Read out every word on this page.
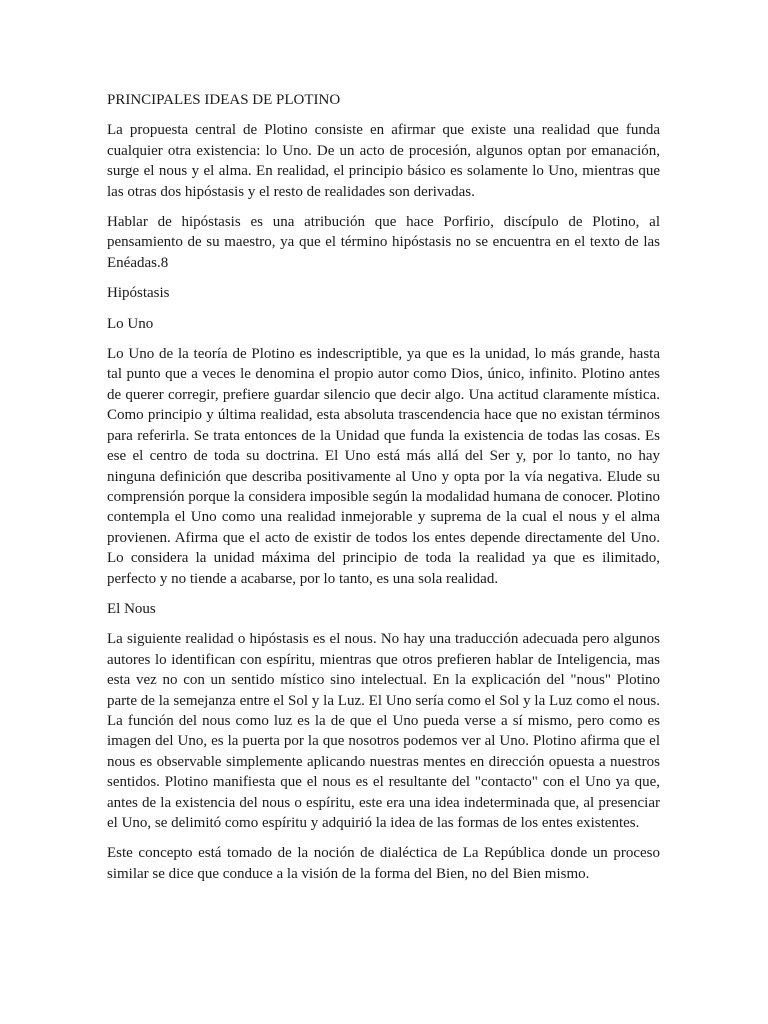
PRINCIPALES IDEAS DE PLOTINO

La propuesta central de Plotino consiste en afirmar que existe una realidad que funda cualquier otra existencia: lo Uno. De un acto de procesión, algunos optan por emanación, surge el nous y el alma. En realidad, el principio básico es solamente lo Uno, mientras que las otras dos hipóstasis y el resto de realidades son derivadas.

Hablar de hipóstasis es una atribución que hace Porfirio, discípulo de Plotino, al pensamiento de su maestro, ya que el término hipóstasis no se encuentra en el texto de las Enéadas.8

Hipóstasis

Lo Uno

Lo Uno de la teoría de Plotino es indescriptible, ya que es la unidad, lo más grande, hasta tal punto que a veces le denomina el propio autor como Dios, único, infinito. Plotino antes de querer corregir, prefiere guardar silencio que decir algo. Una actitud claramente mística. Como principio y última realidad, esta absoluta trascendencia hace que no existan términos para referirla. Se trata entonces de la Unidad que funda la existencia de todas las cosas. Es ese el centro de toda su doctrina. El Uno está más allá del Ser y, por lo tanto, no hay ninguna definición que describa positivamente al Uno y opta por la vía negativa. Elude su comprensión porque la considera imposible según la modalidad humana de conocer. Plotino contempla el Uno como una realidad inmejorable y suprema de la cual el nous y el alma provienen. Afirma que el acto de existir de todos los entes depende directamente del Uno. Lo considera la unidad máxima del principio de toda la realidad ya que es ilimitado, perfecto y no tiende a acabarse, por lo tanto, es una sola realidad.

El Nous

La siguiente realidad o hipóstasis es el nous. No hay una traducción adecuada pero algunos autores lo identifican con espíritu, mientras que otros prefieren hablar de Inteligencia, mas esta vez no con un sentido místico sino intelectual. En la explicación del "nous" Plotino parte de la semejanza entre el Sol y la Luz. El Uno sería como el Sol y la Luz como el nous. La función del nous como luz es la de que el Uno pueda verse a sí mismo, pero como es imagen del Uno, es la puerta por la que nosotros podemos ver al Uno. Plotino afirma que el nous es observable simplemente aplicando nuestras mentes en dirección opuesta a nuestros sentidos. Plotino manifiesta que el nous es el resultante del "contacto" con el Uno ya que, antes de la existencia del nous o espíritu, este era una idea indeterminada que, al presenciar el Uno, se delimitó como espíritu y adquirió la idea de las formas de los entes existentes.

Este concepto está tomado de la noción de dialéctica de La República donde un proceso similar se dice que conduce a la visión de la forma del Bien, no del Bien mismo.
